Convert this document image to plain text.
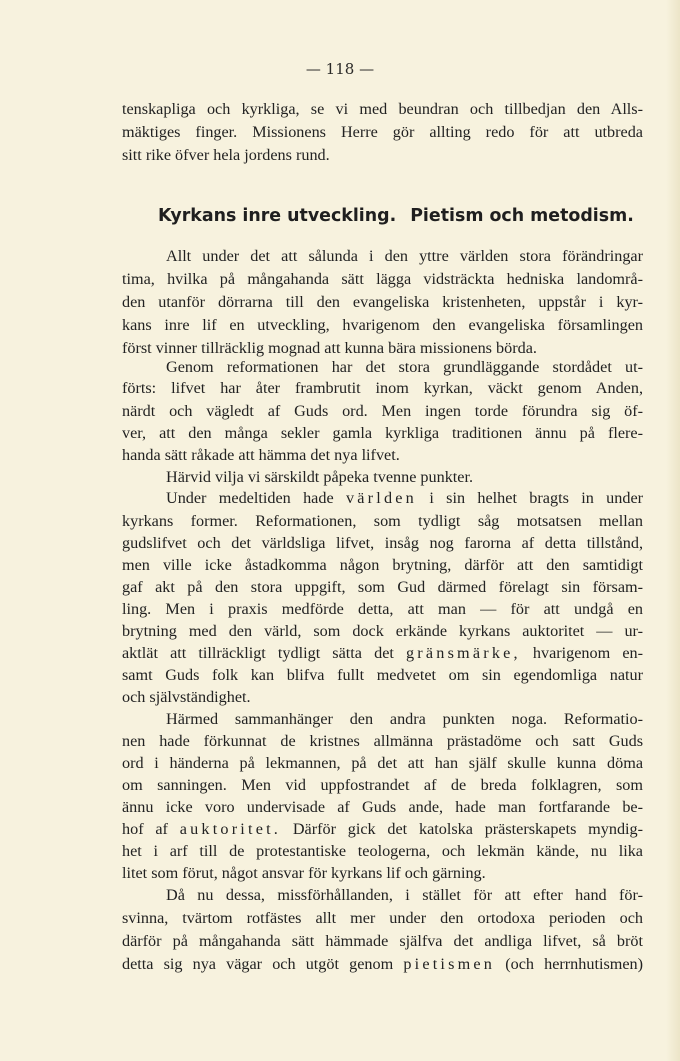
— 118 —
tenskapliga och kyrkliga, se vi med beundran och tillbedjan den Alls-
mäktiges finger. Missionens Herre gör allting redo för att utbreda
sitt rike öfver hela jordens rund.
Kyrkans inre utveckling. Pietism och metodism.
Allt under det att sålunda i den yttre världen stora förändringar
tima, hvilka på mångahanda sätt lägga vidsträckta hedniska landområ-
den utanför dörrarna till den evangeliska kristenheten, uppstår i kyr-
kans inre lif en utveckling, hvarigenom den evangeliska församlingen
först vinner tillräcklig mognad att kunna bära missionens börda.
Genom reformationen har det stora grundläggande stordådet ut-
förts: lifvet har åter frambrutit inom kyrkan, väckt genom Anden,
närdt och vägledt af Guds ord. Men ingen torde förundra sig öf-
ver, att den många sekler gamla kyrkliga traditionen ännu på flere-
handa sätt råkade att hämma det nya lifvet.
Härvid vilja vi särskildt påpeka tvenne punkter.
Under medeltiden hade världen i sin helhet bragts in under
kyrkans former. Reformationen, som tydligt såg motsatsen mellan
gudslifvet och det världsliga lifvet, insåg nog farorna af detta tillstånd,
men ville icke åstadkomma någon brytning, därför att den samtidigt
gaf akt på den stora uppgift, som Gud därmed förelagt sin försam-
ling. Men i praxis medförde detta, att man — för att undgå en
brytning med den värld, som dock erkände kyrkans auktoritet — ur-
aktlät att tillräckligt tydligt sätta det gränsmärke, hvarigenom en-
samt Guds folk kan blifva fullt medvetet om sin egendomliga natur
och självständighet.
Härmed sammanhänger den andra punkten noga. Reformatio-
nen hade förkunnat de kristnes allmänna prästadöme och satt Guds
ord i händerna på lekmannen, på det att han själf skulle kunna döma
om sanningen. Men vid uppfostrandet af de breda folklagren, som
ännu icke voro undervisade af Guds ande, hade man fortfarande be-
hof af auktoritet. Därför gick det katolska prästerskapets myndig-
het i arf till de protestantiske teologerna, och lekmän kände, nu lika
litet som förut, något ansvar för kyrkans lif och gärning.
Då nu dessa, missförhållanden, i stället för att efter hand för-
svinna, tvärtom rotfästes allt mer under den ortodoxa perioden och
därför på mångahanda sätt hämmade själfva det andliga lifvet, så bröt
detta sig nya vägar och utgöt genom pietismen (och herrnhutismen)
